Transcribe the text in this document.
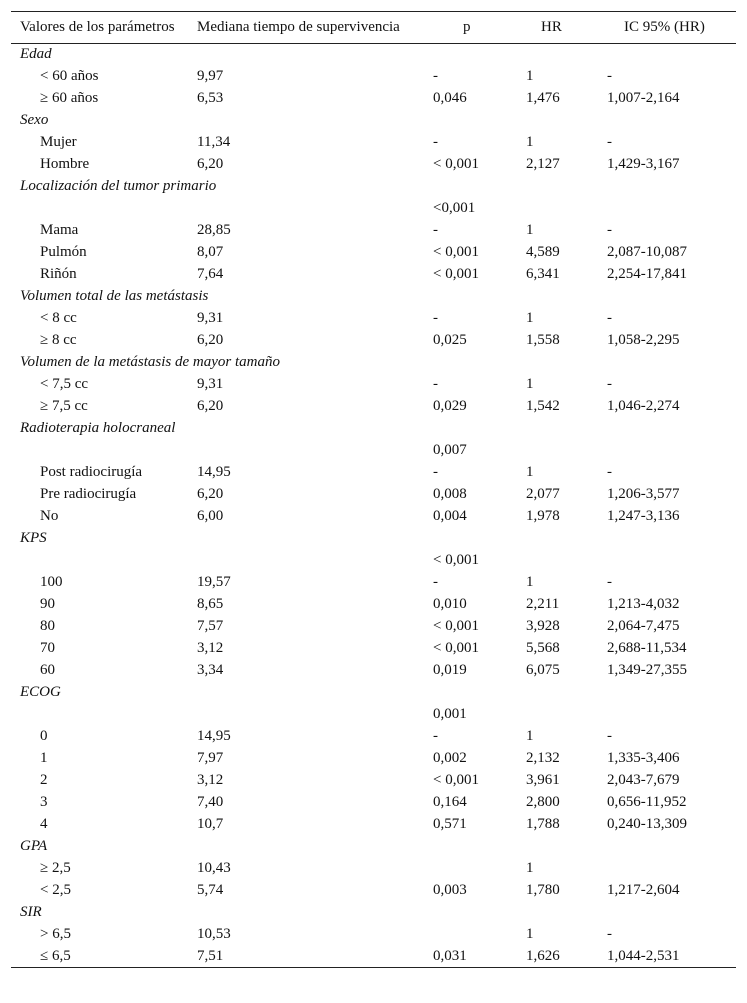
Valores de los parámetros	Mediana tiempo de supervivencia	p	HR	IC 95% (HR)
Edad				
< 60 años	9,97	-	1	-
≥ 60 años	6,53	0,046	1,476	1,007-2,164
Sexo				
Mujer	11,34	-	1	-
Hombre	6,20	< 0,001	2,127	1,429-3,167
Localización del tumor primario				
		<0,001		
Mama	28,85	-	1	-
Pulmón	8,07	< 0,001	4,589	2,087-10,087
Riñón	7,64	< 0,001	6,341	2,254-17,841
Volumen total de las metástasis				
< 8 cc	9,31	-	1	-
≥ 8 cc	6,20	0,025	1,558	1,058-2,295
Volumen de la metástasis de mayor tamaño				
< 7,5 cc	9,31	-	1	-
≥ 7,5 cc	6,20	0,029	1,542	1,046-2,274
Radioterapia holocraneal				
		0,007		
Post radiocirugía	14,95	-	1	-
Pre radiocirugía	6,20	0,008	2,077	1,206-3,577
No	6,00	0,004	1,978	1,247-3,136
KPS				
		< 0,001		
100	19,57	-	1	-
90	8,65	0,010	2,211	1,213-4,032
80	7,57	< 0,001	3,928	2,064-7,475
70	3,12	< 0,001	5,568	2,688-11,534
60	3,34	0,019	6,075	1,349-27,355
ECOG				
		0,001		
0	14,95	-	1	-
1	7,97	0,002	2,132	1,335-3,406
2	3,12	< 0,001	3,961	2,043-7,679
3	7,40	0,164	2,800	0,656-11,952
4	10,7	0,571	1,788	0,240-13,309
GPA				
≥ 2,5	10,43		1	
< 2,5	5,74	0,003	1,780	1,217-2,604
SIR				
> 6,5	10,53		1	-
≤ 6,5	7,51	0,031	1,626	1,044-2,531
